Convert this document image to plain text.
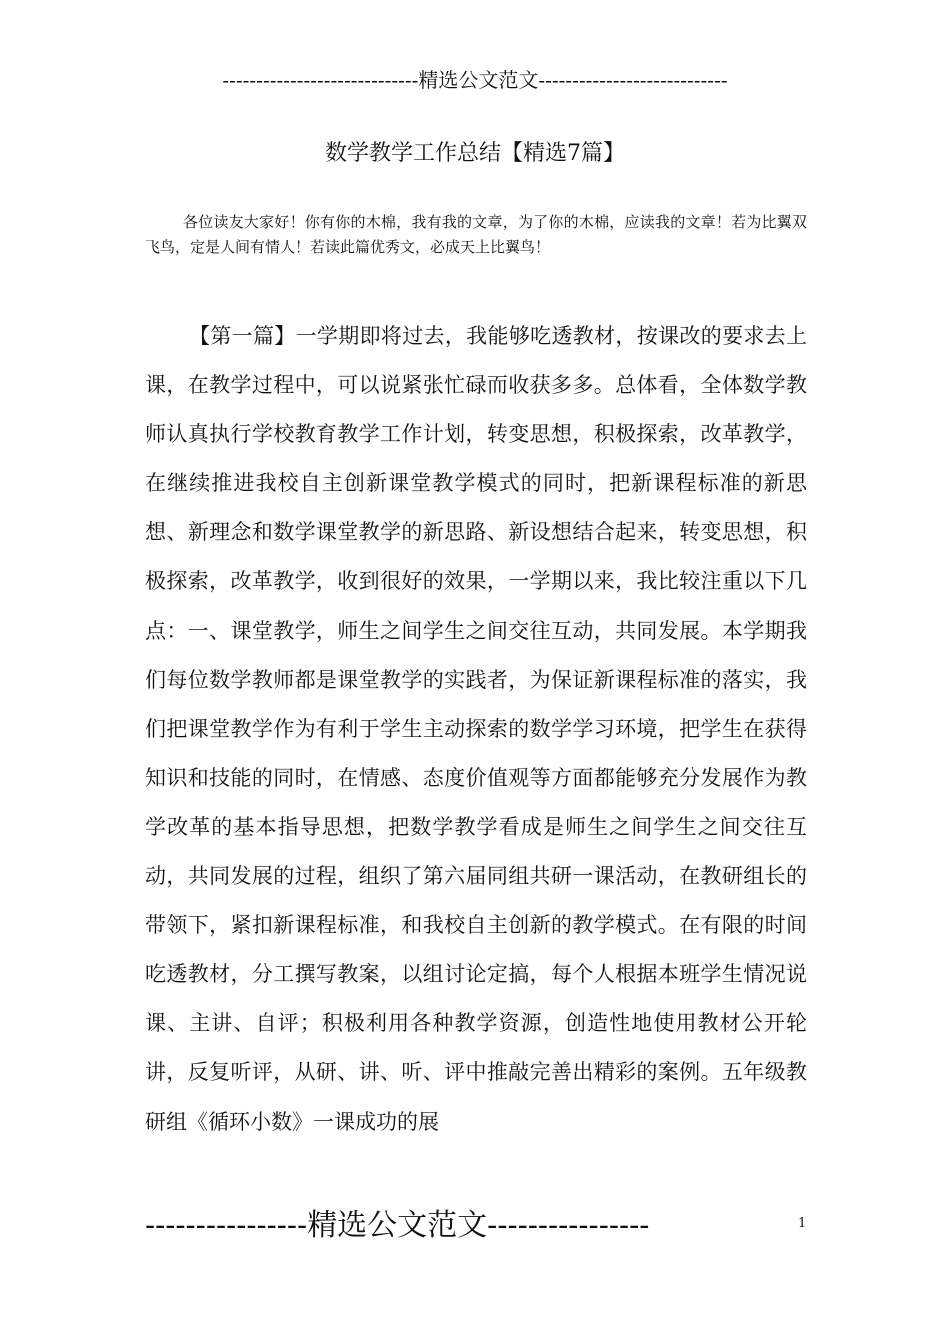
-----------------------------精选公文范文----------------------------
数学教学工作总结【精选7篇】

各位读友大家好！你有你的木棉，我有我的文章，为了你的木棉，应读我的文章！若为比翼双飞鸟，定是人间有情人！若读此篇优秀文，必成天上比翼鸟！

【第一篇】一学期即将过去，我能够吃透教材，按课改的要求去上课，在教学过程中，可以说紧张忙碌而收获多多。总体看，全体数学教师认真执行学校教育教学工作计划，转变思想，积极探索，改革教学，在继续推进我校自主创新课堂教学模式的同时，把新课程标准的新思想、新理念和数学课堂教学的新思路、新设想结合起来，转变思想，积极探索，改革教学，收到很好的效果，一学期以来，我比较注重以下几点：一、课堂教学，师生之间学生之间交往互动，共同发展。本学期我们每位数学教师都是课堂教学的实践者，为保证新课程标准的落实，我们把课堂教学作为有利于学生主动探索的数学学习环境，把学生在获得知识和技能的同时，在情感、态度价值观等方面都能够充分发展作为教学改革的基本指导思想，把数学教学看成是师生之间学生之间交往互动，共同发展的过程，组织了第六届同组共研一课活动，在教研组长的带领下，紧扣新课程标准，和我校自主创新的教学模式。在有限的时间吃透教材，分工撰写教案，以组讨论定搞，每个人根据本班学生情况说课、主讲、自评；积极利用各种教学资源，创造性地使用教材公开轮讲，反复听评，从研、讲、听、评中推敲完善出精彩的案例。五年级教研组《循环小数》一课成功的展

----------------精选公文范文----------------	1
